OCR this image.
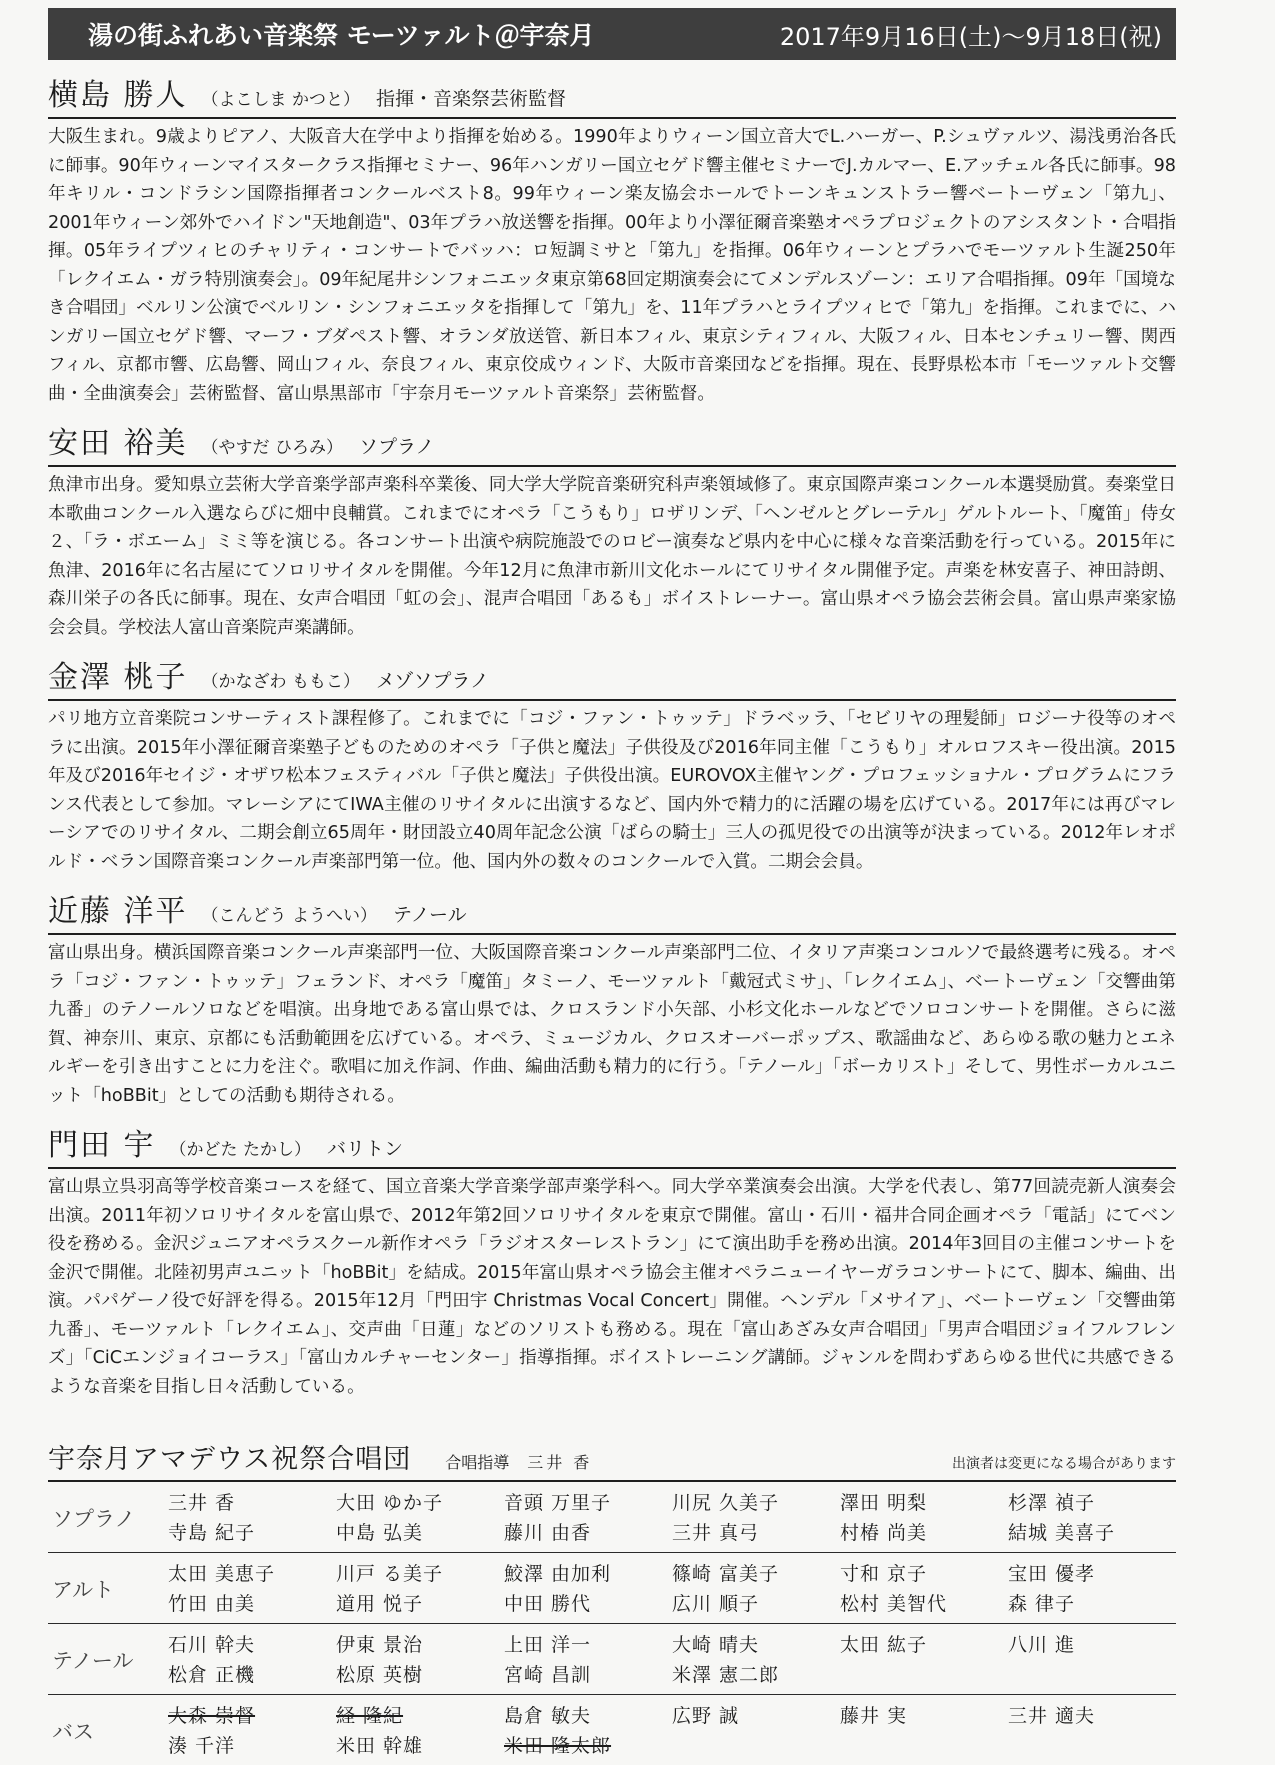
湯の街ふれあい音楽祭 モーツァルト＠宇奈月	2017年9月16日(土)～9月18日(祝)
横島 勝人 （よこしま かつと） 指揮・音楽祭芸術監督
大阪生まれ。9歳よりピアノ、大阪音大在学中より指揮を始める。1990年よりウィーン国立音大でL.ハーガー、P.シュヴァルツ、湯浅勇治各氏に師事。90年ウィーンマイスタークラス指揮セミナー、96年ハンガリー国立セゲド響主催セミナーでJ.カルマー、E.アッチェル各氏に師事。98年キリル・コンドラシン国際指揮者コンクールベスト8。99年ウィーン楽友協会ホールでトーンキュンストラー響ベートーヴェン「第九」、2001年ウィーン郊外でハイドン"天地創造"、03年プラハ放送響を指揮。00年より小澤征爾音楽塾オペラプロジェクトのアシスタント・合唱指揮。05年ライプツィヒのチャリティ・コンサートでバッハ：ロ短調ミサと「第九」を指揮。06年ウィーンとプラハでモーツァルト生誕250年「レクイエム・ガラ特別演奏会」。09年紀尾井シンフォニエッタ東京第68回定期演奏会にてメンデルスゾーン：エリア合唱指揮。09年「国境なき合唱団」ベルリン公演でベルリン・シンフォニエッタを指揮して「第九」を、11年プラハとライプツィヒで「第九」を指揮。これまでに、ハンガリー国立セゲド響、マーフ・ブダペスト響、オランダ放送管、新日本フィル、東京シティフィル、大阪フィル、日本センチュリー響、関西フィル、京都市響、広島響、岡山フィル、奈良フィル、東京佼成ウィンド、大阪市音楽団などを指揮。現在、長野県松本市「モーツァルト交響曲・全曲演奏会」芸術監督、富山県黒部市「宇奈月モーツァルト音楽祭」芸術監督。
安田 裕美 （やすだ ひろみ） ソプラノ
魚津市出身。愛知県立芸術大学音楽学部声楽科卒業後、同大学大学院音楽研究科声楽領域修了。東京国際声楽コンクール本選奨励賞。奏楽堂日本歌曲コンクール入選ならびに畑中良輔賞。これまでにオペラ「こうもり」ロザリンデ、「ヘンゼルとグレーテル」ゲルトルート、「魔笛」侍女２、「ラ・ボエーム」ミミ等を演じる。各コンサート出演や病院施設でのロビー演奏など県内を中心に様々な音楽活動を行っている。2015年に魚津、2016年に名古屋にてソロリサイタルを開催。今年12月に魚津市新川文化ホールにてリサイタル開催予定。声楽を林安喜子、神田詩朗、森川栄子の各氏に師事。現在、女声合唱団「虹の会」、混声合唱団「あるも」ボイストレーナー。富山県オペラ協会芸術会員。富山県声楽家協会会員。学校法人富山音楽院声楽講師。
金澤 桃子 （かなざわ ももこ） メゾソプラノ
パリ地方立音楽院コンサーティスト課程修了。これまでに「コジ・ファン・トゥッテ」ドラベッラ、「セビリヤの理髪師」ロジーナ役等のオペラに出演。2015年小澤征爾音楽塾子どものためのオペラ「子供と魔法」子供役及び2016年同主催「こうもり」オルロフスキー役出演。2015年及び2016年セイジ・オザワ松本フェスティバル「子供と魔法」子供役出演。EUROVOX主催ヤング・プロフェッショナル・プログラムにフランス代表として参加。マレーシアにてIWA主催のリサイタルに出演するなど、国内外で精力的に活躍の場を広げている。2017年には再びマレーシアでのリサイタル、二期会創立65周年・財団設立40周年記念公演「ばらの騎士」三人の孤児役での出演等が決まっている。2012年レオポルド・ベラン国際音楽コンクール声楽部門第一位。他、国内外の数々のコンクールで入賞。二期会会員。
近藤 洋平 （こんどう ようへい） テノール
富山県出身。横浜国際音楽コンクール声楽部門一位、大阪国際音楽コンクール声楽部門二位、イタリア声楽コンコルソで最終選考に残る。オペラ「コジ・ファン・トゥッテ」フェランド、オペラ「魔笛」タミーノ、モーツァルト「戴冠式ミサ」、「レクイエム」、ベートーヴェン「交響曲第九番」のテノールソロなどを唱演。出身地である富山県では、クロスランド小矢部、小杉文化ホールなどでソロコンサートを開催。さらに滋賀、神奈川、東京、京都にも活動範囲を広げている。オペラ、ミュージカル、クロスオーバーポップス、歌謡曲など、あらゆる歌の魅力とエネルギーを引き出すことに力を注ぐ。歌唱に加え作詞、作曲、編曲活動も精力的に行う。「テノール」「ボーカリスト」そして、男性ボーカルユニット「hoBBit」としての活動も期待される。
門田 宇 （かどた たかし） バリトン
富山県立呉羽高等学校音楽コースを経て、国立音楽大学音楽学部声楽学科へ。同大学卒業演奏会出演。大学を代表し、第77回読売新人演奏会出演。2011年初ソロリサイタルを富山県で、2012年第2回ソロリサイタルを東京で開催。富山・石川・福井合同企画オペラ「電話」にてベン役を務める。金沢ジュニアオペラスクール新作オペラ「ラジオスターレストラン」にて演出助手を務め出演。2014年3回目の主催コンサートを金沢で開催。北陸初男声ユニット「hoBBit」を結成。2015年富山県オペラ協会主催オペラニューイヤーガラコンサートにて、脚本、編曲、出演。パパゲーノ役で好評を得る。2015年12月「門田宇 Christmas Vocal Concert」開催。ヘンデル「メサイア」、ベートーヴェン「交響曲第九番」、モーツァルト「レクイエム」、交声曲「日蓮」などのソリストも務める。現在「富山あざみ女声合唱団」「男声合唱団ジョイフルフレンズ」「CiCエンジョイコーラス」「富山カルチャーセンター」指導指揮。ボイストレーニング講師。ジャンルを問わずあらゆる世代に共感できるような音楽を目指し日々活動している。
宇奈月アマデウス祝祭合唱団 合唱指導 三井 香	出演者は変更になる場合があります
ソプラノ
三井 香	大田 ゆか子	音頭 万里子	川尻 久美子	澤田 明梨	杉澤 禎子
寺島 紀子	中島 弘美	藤川 由香	三井 真弓	村椿 尚美	結城 美喜子
アルト
太田 美恵子	川戸 る美子	鮫澤 由加利	篠崎 富美子	寸和 京子	宝田 優孝
竹田 由美	道用 悦子	中田 勝代	広川 順子	松村 美智代	森 律子
テノール
石川 幹夫	伊東 景治	上田 洋一	大崎 晴夫	太田 紘子	八川 進
松倉 正機	松原 英樹	宮崎 昌訓	米澤 憲二郎
バス
大森 崇督	経 隆紀	島倉 敏夫	広野 誠	藤井 実	三井 適夫
湊 千洋	米田 幹雄	米田 隆太郎
